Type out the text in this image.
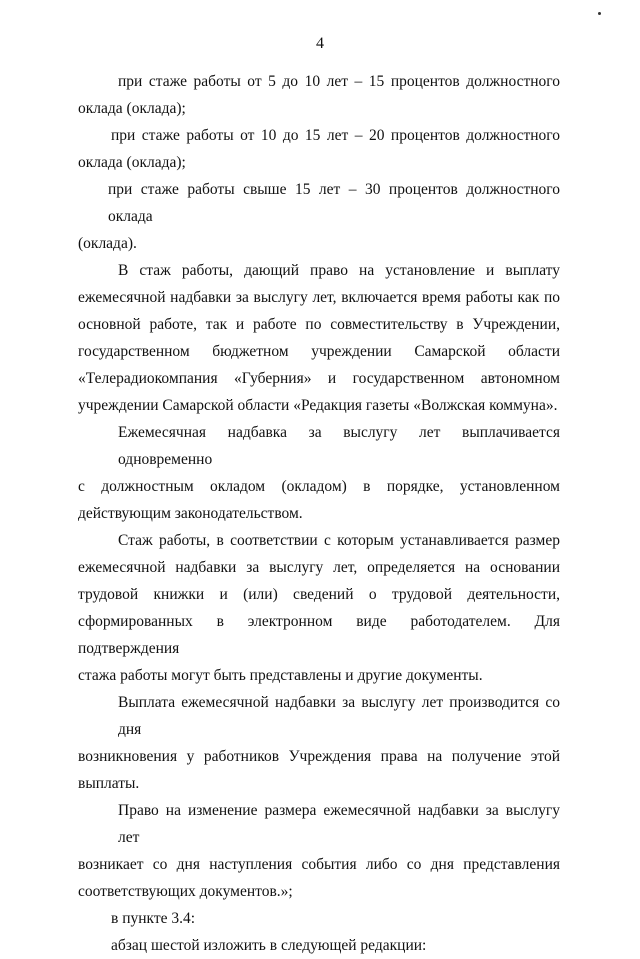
4
при стаже работы от 5 до 10 лет – 15 процентов должностного
оклада (оклада);
при стаже работы от 10 до 15 лет – 20 процентов должностного
оклада (оклада);
при стаже работы свыше 15 лет – 30 процентов должностного оклада
(оклада).
В стаж работы, дающий право на установление и выплату
ежемесячной надбавки за выслугу лет, включается время работы как по
основной работе, так и работе по совместительству в Учреждении,
государственном бюджетном учреждении Самарской области
«Телерадиокомпания «Губерния» и государственном автономном
учреждении Самарской области «Редакция газеты «Волжская коммуна».
Ежемесячная надбавка за выслугу лет выплачивается одновременно
с должностным окладом (окладом) в порядке, установленном
действующим законодательством.
Стаж работы, в соответствии с которым устанавливается размер
ежемесячной надбавки за выслугу лет, определяется на основании
трудовой книжки и (или) сведений о трудовой деятельности,
сформированных в электронном виде работодателем. Для подтверждения
стажа работы могут быть представлены и другие документы.
Выплата ежемесячной надбавки за выслугу лет производится со дня
возникновения у работников Учреждения права на получение этой
выплаты.
Право на изменение размера ежемесячной надбавки за выслугу лет
возникает со дня наступления события либо со дня представления
соответствующих документов.»;
в пункте 3.4:
абзац шестой изложить в следующей редакции:
